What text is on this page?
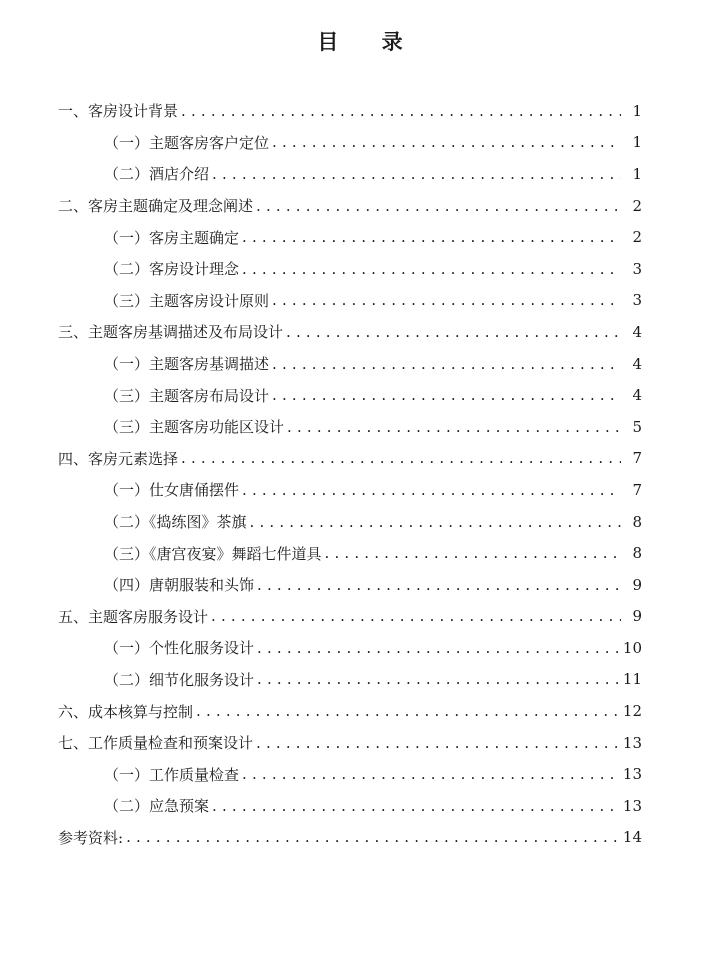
目 录
一、客房设计背景 . . .	1
（一）主题客房客户定位 . . .	1
（二）酒店介绍 . . .	1
二、客房主题确定及理念阐述 . . .	2
（一）客房主题确定 . . .	2
（二）客房设计理念 . . .	3
（三）主题客房设计原则 . . .	3
三、主题客房基调描述及布局设计 . . .	4
（一）主题客房基调描述 . . .	4
（三）主题客房布局设计 . . .	4
（三）主题客房功能区设计 . . .	5
四、客房元素选择 . . .	7
（一）仕女唐俑摆件 . . .	7
（二）《捣练图》茶旗 . . .	8
（三）《唐宫夜宴》舞蹈七件道具 . . .	8
（四）唐朝服装和头饰 . . .	9
五、主题客房服务设计 . . .	9
（一）个性化服务设计 . . .	10
（二）细节化服务设计 . . .	11
六、成本核算与控制 . . .	12
七、工作质量检查和预案设计 . . .	13
（一）工作质量检查 . . .	13
（二）应急预案 . . .	13
参考资料: . . .	14
